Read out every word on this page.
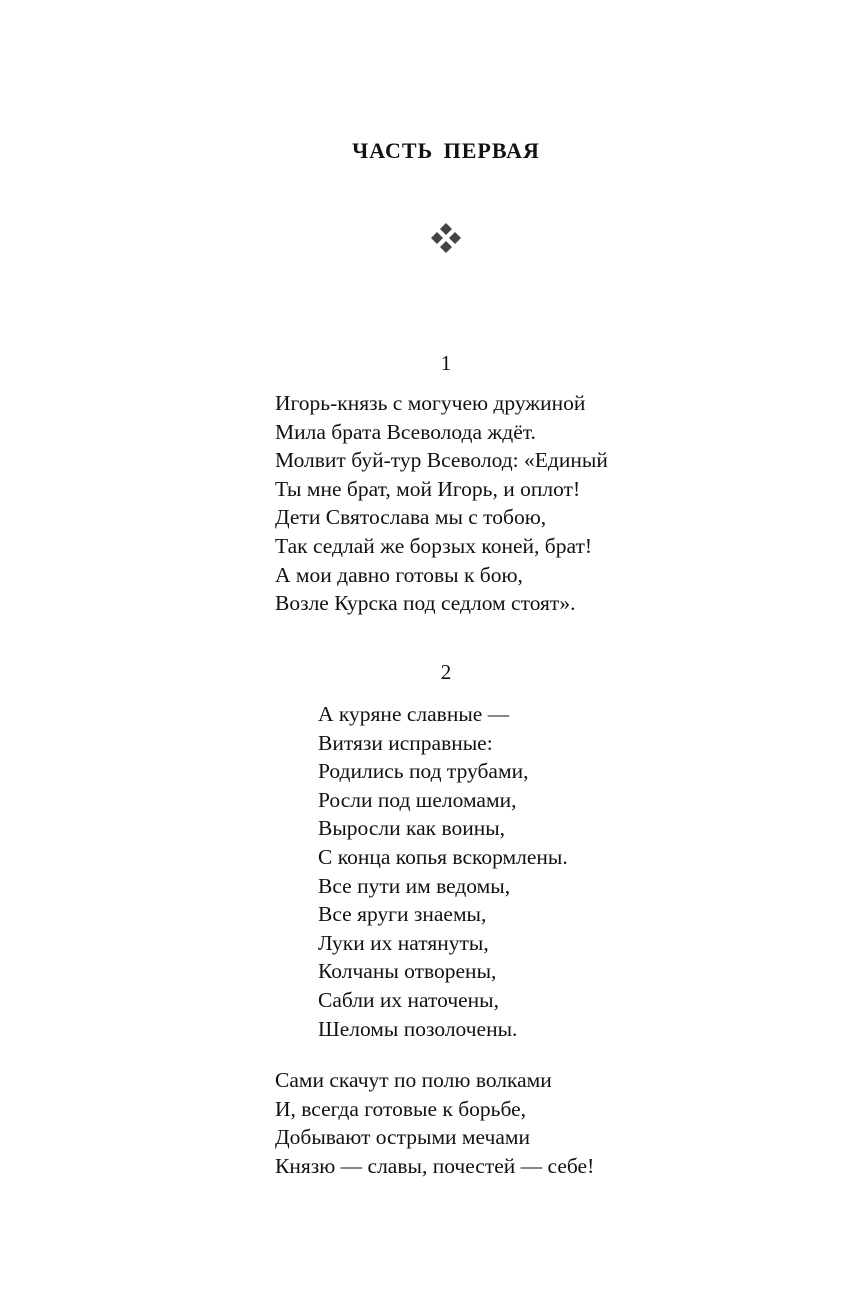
ЧАСТЬ ПЕРВАЯ
1
Игорь-князь с могучею дружиной
Мила брата Всеволода ждёт.
Молвит буй-тур Всеволод: «Единый
Ты мне брат, мой Игорь, и оплот!
Дети Святослава мы с тобою,
Так седлай же борзых коней, брат!
А мои давно готовы к бою,
Возле Курска под седлом стоят».
2
А куряне славные —
Витязи исправные:
Родились под трубами,
Росли под шеломами,
Выросли как воины,
С конца копья вскормлены.
Все пути им ведомы,
Все яруги знаемы,
Луки их натянуты,
Колчаны отворены,
Сабли их наточены,
Шеломы позолочены.
Сами скачут по полю волками
И, всегда готовые к борьбе,
Добывают острыми мечами
Князю — славы, почестей — себе!
